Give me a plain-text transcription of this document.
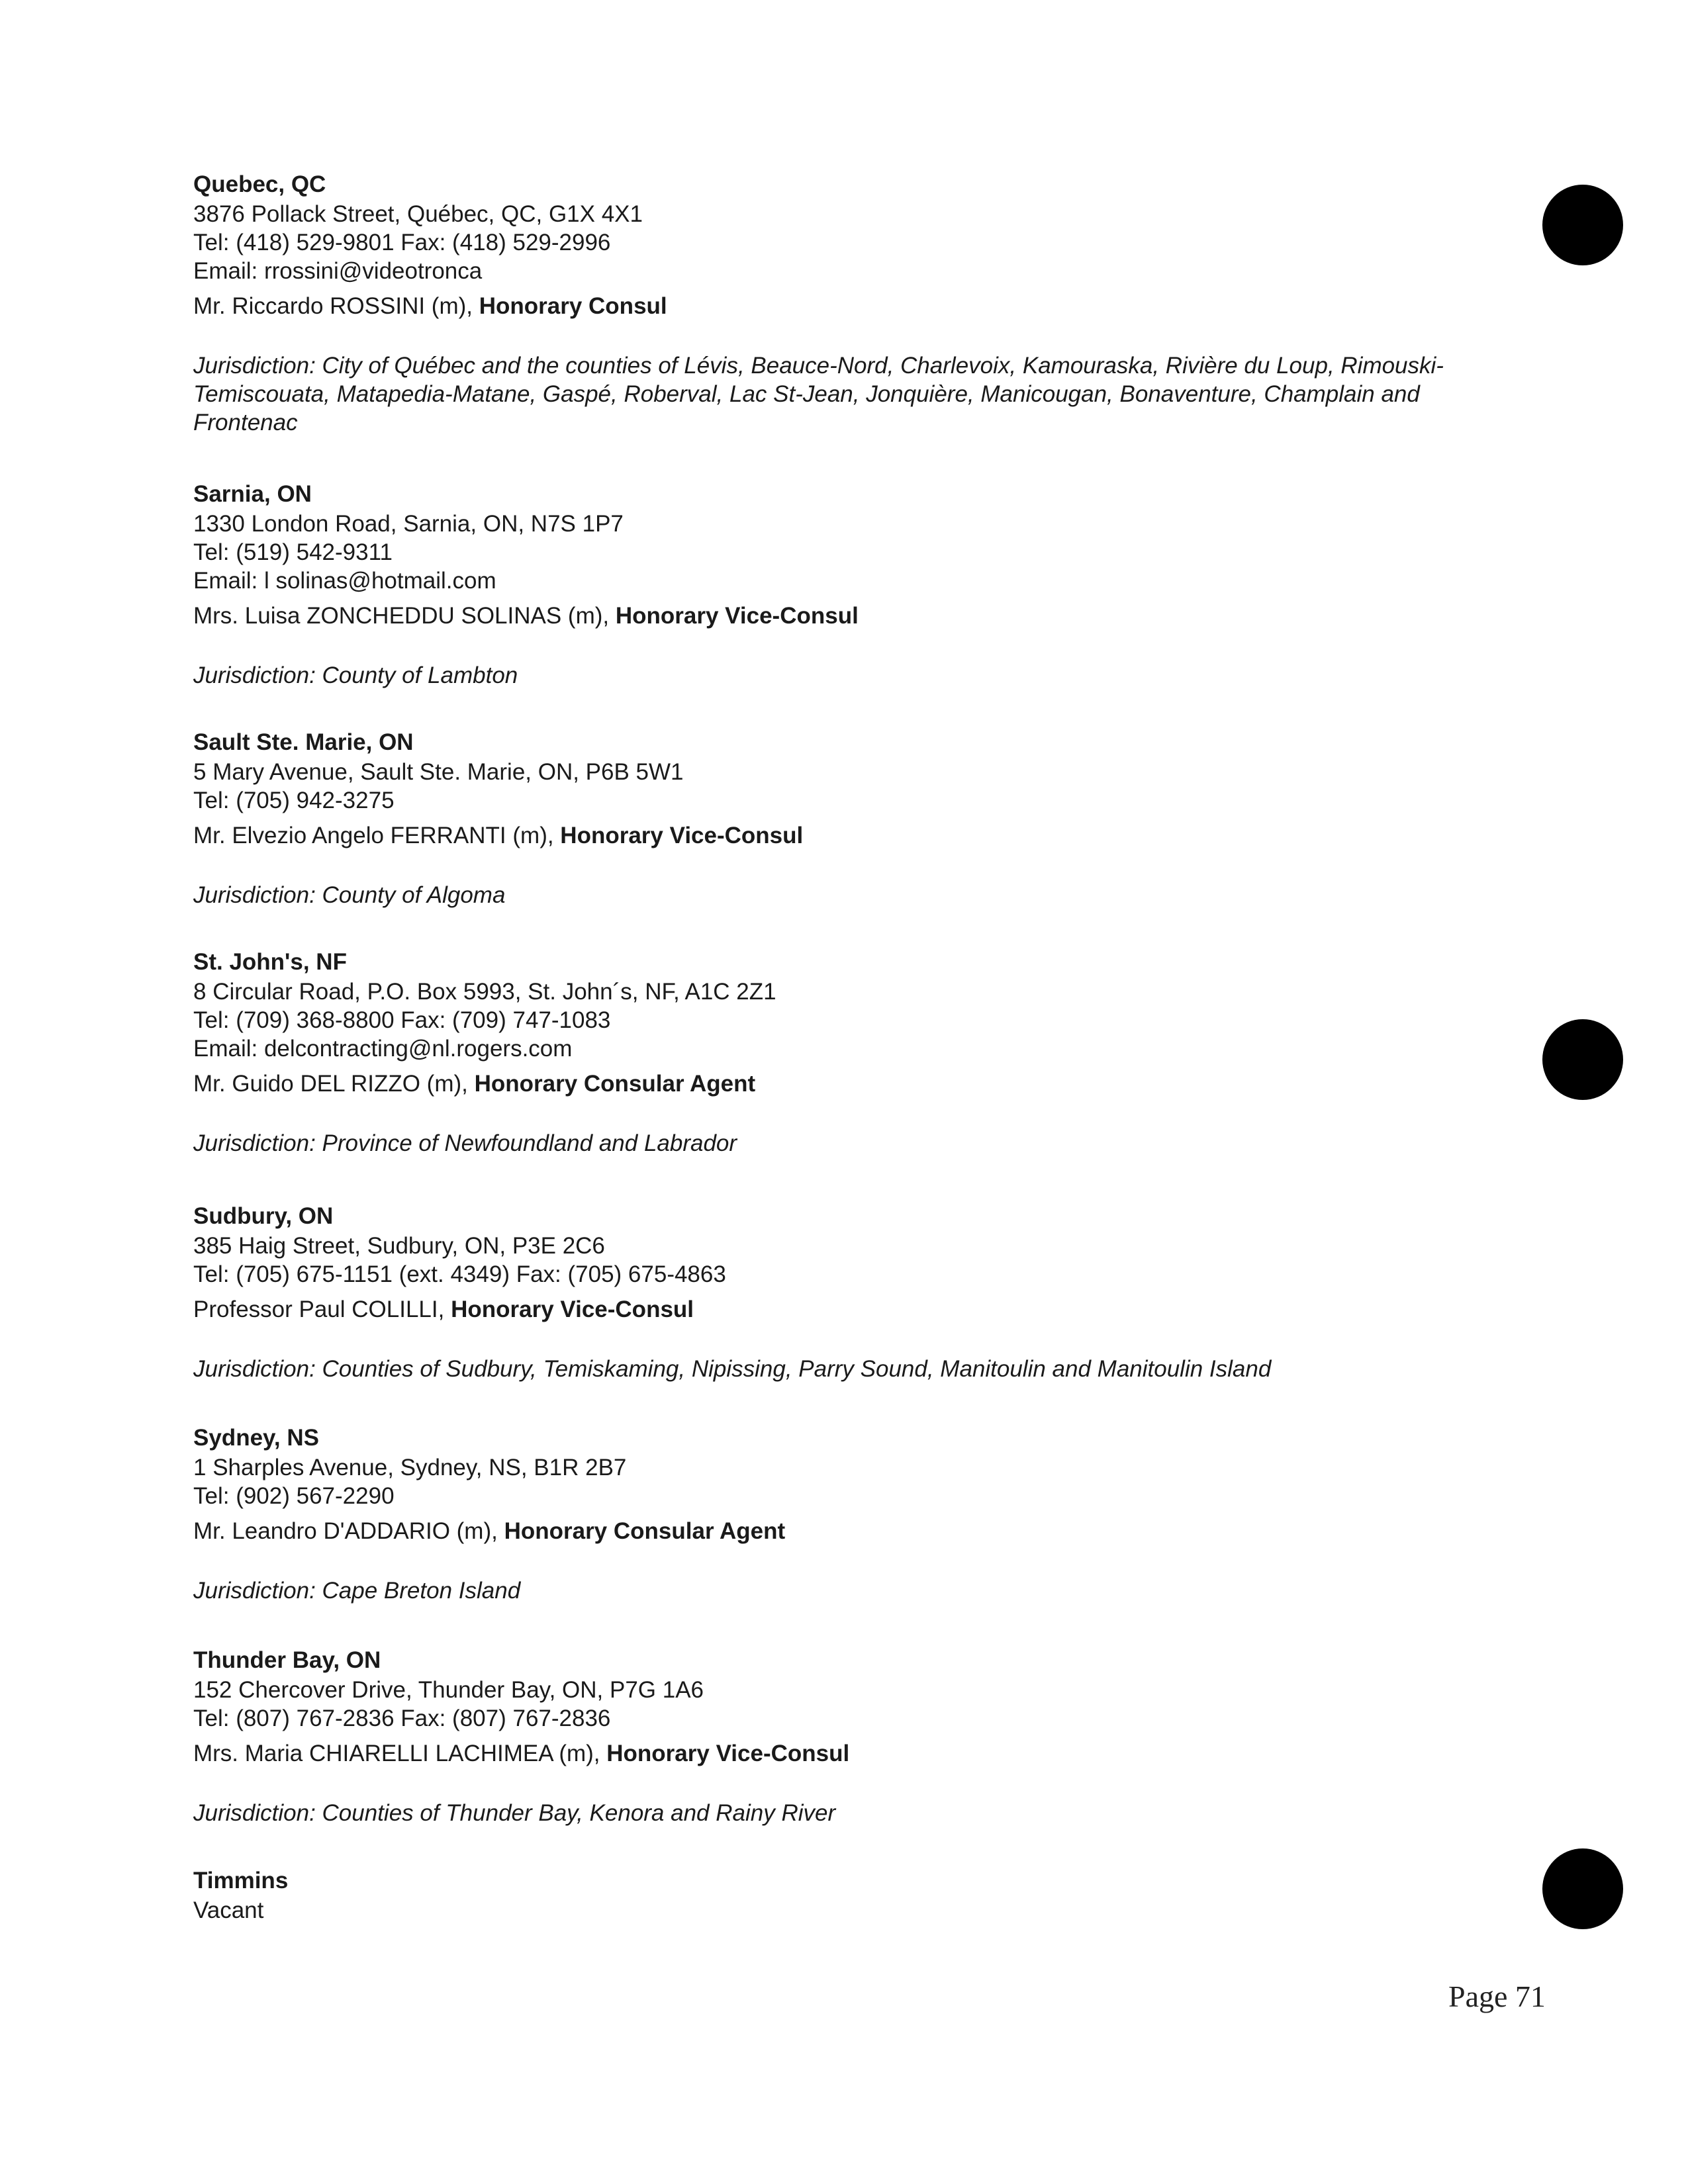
Quebec, QC
3876 Pollack Street, Québec, QC, G1X 4X1
Tel: (418) 529-9801 Fax: (418) 529-2996
Email: rrossini@videotronca
Mr. Riccardo ROSSINI (m), Honorary Consul
Jurisdiction: City of Québec and the counties of Lévis, Beauce-Nord, Charlevoix, Kamouraska, Rivière du Loup, Rimouski-Temiscouata, Matapedia-Matane, Gaspé, Roberval, Lac St-Jean, Jonquière, Manicougan, Bonaventure, Champlain and Frontenac
Sarnia, ON
1330 London Road, Sarnia, ON, N7S 1P7
Tel: (519) 542-9311
Email: l solinas@hotmail.com
Mrs. Luisa ZONCHEDDU SOLINAS (m), Honorary Vice-Consul
Jurisdiction: County of Lambton
Sault Ste. Marie, ON
5 Mary Avenue, Sault Ste. Marie, ON, P6B 5W1
Tel: (705) 942-3275
Mr. Elvezio Angelo FERRANTI (m), Honorary Vice-Consul
Jurisdiction: County of Algoma
St. John's, NF
8 Circular Road, P.O. Box 5993, St. John´s, NF, A1C 2Z1
Tel: (709) 368-8800 Fax: (709) 747-1083
Email: delcontracting@nl.rogers.com
Mr. Guido DEL RIZZO (m), Honorary Consular Agent
Jurisdiction: Province of Newfoundland and Labrador
Sudbury, ON
385 Haig Street, Sudbury, ON, P3E 2C6
Tel: (705) 675-1151 (ext. 4349) Fax: (705) 675-4863
Professor Paul COLILLI, Honorary Vice-Consul
Jurisdiction: Counties of Sudbury, Temiskaming, Nipissing, Parry Sound, Manitoulin and Manitoulin Island
Sydney, NS
1 Sharples Avenue, Sydney, NS, B1R 2B7
Tel: (902) 567-2290
Mr. Leandro D'ADDARIO (m), Honorary Consular Agent
Jurisdiction: Cape Breton Island
Thunder Bay, ON
152 Chercover Drive, Thunder Bay, ON, P7G 1A6
Tel: (807) 767-2836 Fax: (807) 767-2836
Mrs. Maria CHIARELLI LACHIMEA (m), Honorary Vice-Consul
Jurisdiction: Counties of Thunder Bay, Kenora and Rainy River
Timmins
Vacant
Page 71
